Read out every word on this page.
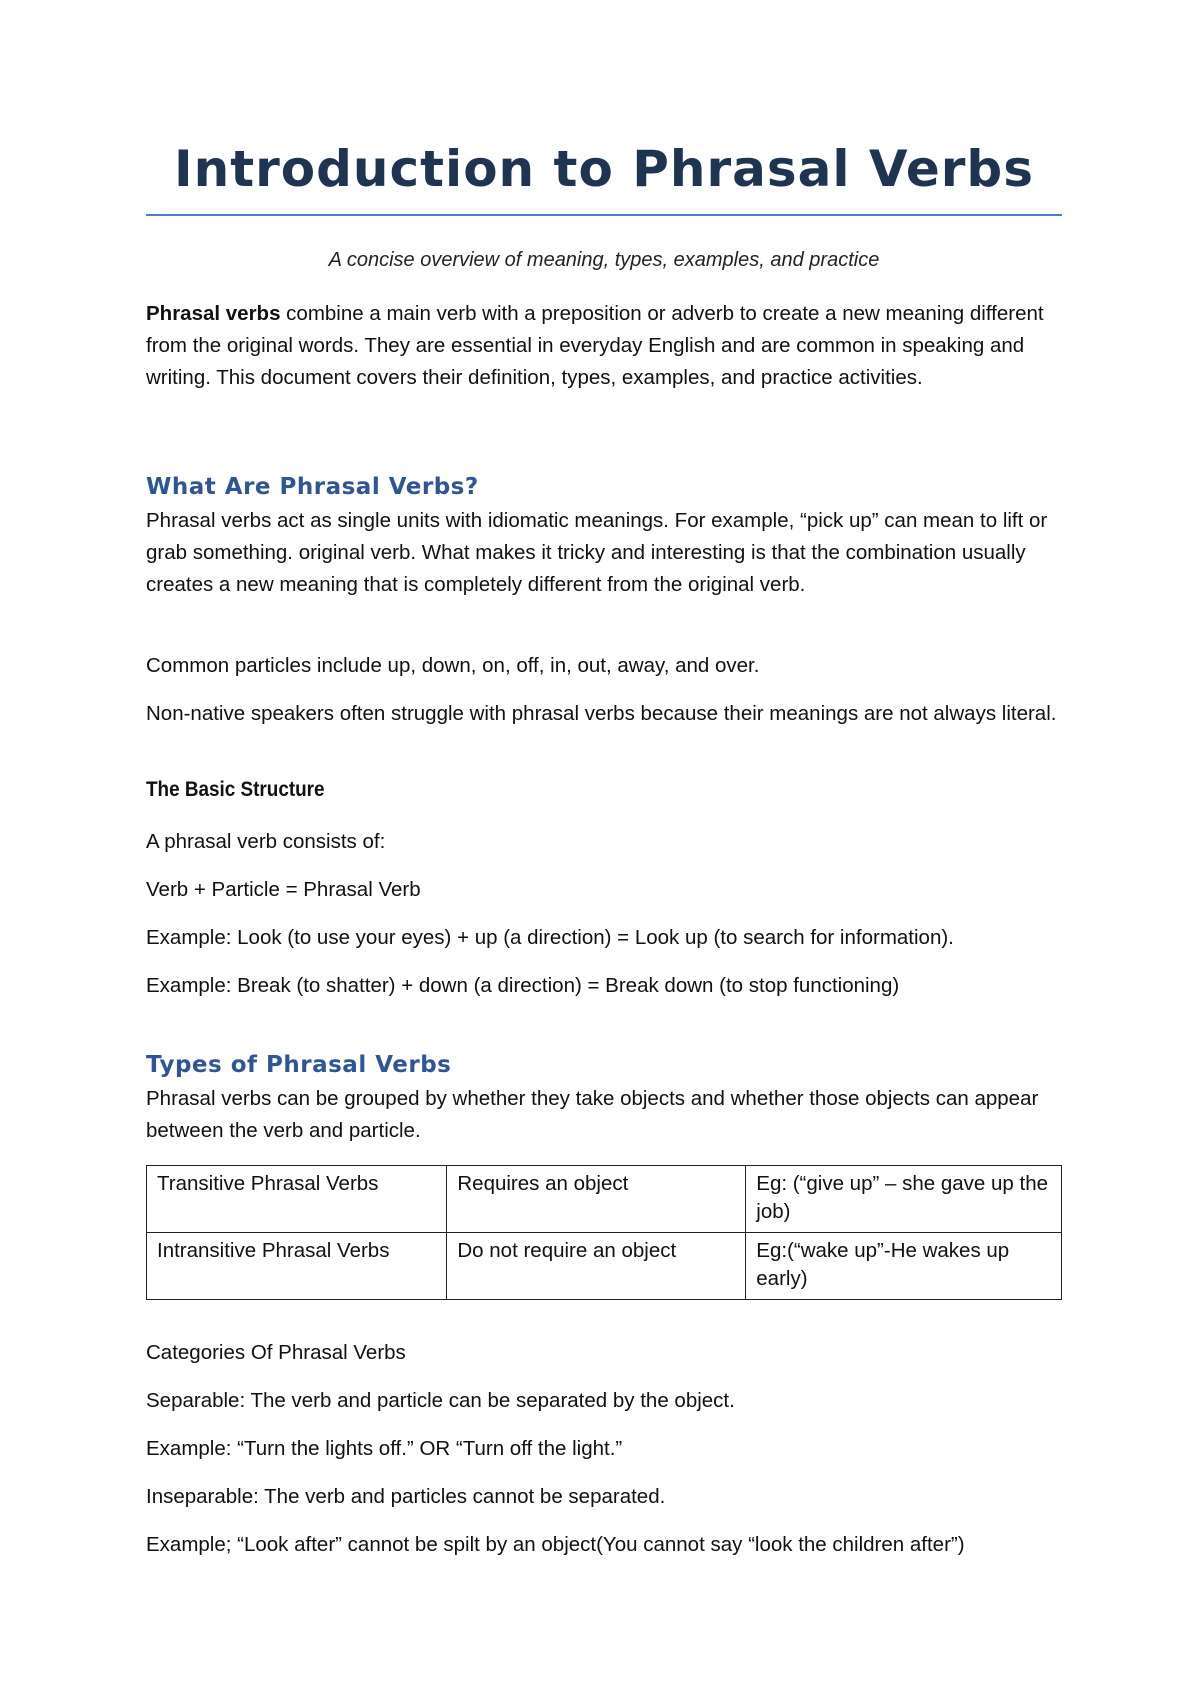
Introduction to Phrasal Verbs
A concise overview of meaning, types, examples, and practice

Phrasal verbs combine a main verb with a preposition or adverb to create a new meaning different from the original words. They are essential in everyday English and are common in speaking and writing. This document covers their definition, types, examples, and practice activities.

What Are Phrasal Verbs?

Phrasal verbs act as single units with idiomatic meanings. For example, “pick up” can mean to lift or grab something. original verb. What makes it tricky and interesting is that the combination usually creates a new meaning that is completely different from the original verb.

Common particles include up, down, on, off, in, out, away, and over.

Non-native speakers often struggle with phrasal verbs because their meanings are not always literal.

The Basic Structure

A phrasal verb consists of:

Verb + Particle = Phrasal Verb

Example: Look (to use your eyes) + up (a direction) = Look up (to search for information).

Example: Break (to shatter) + down (a direction) = Break down (to stop functioning)

Types of Phrasal Verbs

Phrasal verbs can be grouped by whether they take objects and whether those objects can appear between the verb and particle.

Transitive Phrasal Verbs	Requires an object	Eg: (“give up” – she gave up the job)
Intransitive Phrasal Verbs	Do not require an object	Eg:(“wake up”-He wakes up early)

Categories Of Phrasal Verbs

Separable: The verb and particle can be separated by the object.

Example: “Turn the lights off.” OR “Turn off the light.”

Inseparable: The verb and particles cannot be separated.

Example; “Look after” cannot be spilt by an object(You cannot say “look the children after”)
